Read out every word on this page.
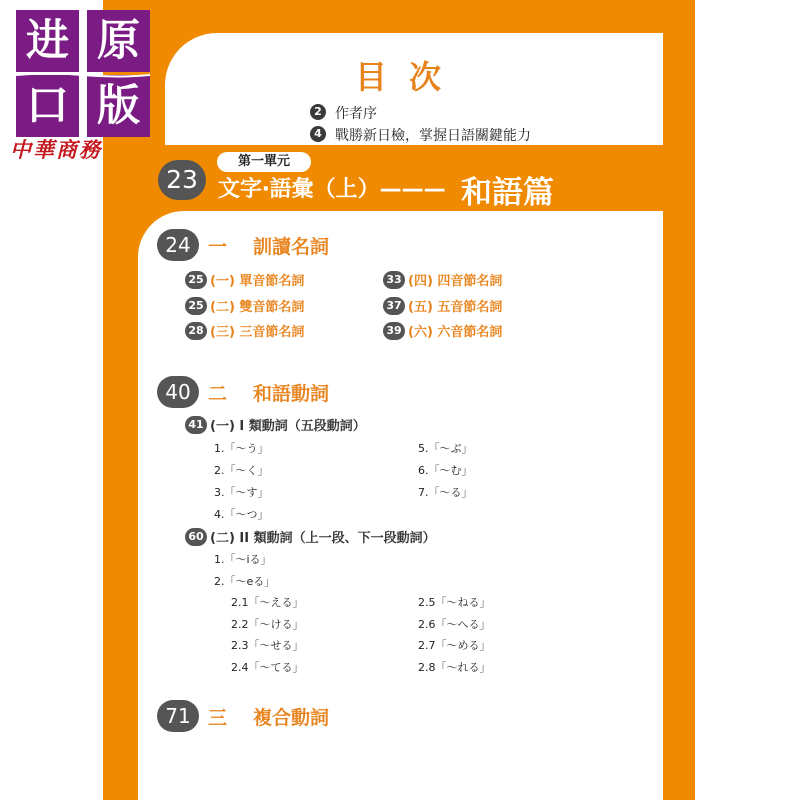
进 原
口 版
中華商務
目次
2 作者序
4 戰勝新日檢，掌握日語關鍵能力
23
第一單元
文字‧語彙（上）——— 和語篇
24 一 訓讀名詞
25 (一) 單音節名詞
25 (二) 雙音節名詞
28 (三) 三音節名詞
33 (四) 四音節名詞
37 (五) 五音節名詞
39 (六) 六音節名詞
40 二 和語動詞
41 (一) I 類動詞（五段動詞）
1.「～う」
2.「～く」
3.「～す」
4.「～つ」
5.「～ぶ」
6.「～む」
7.「～る」
60 (二) II 類動詞（上一段、下一段動詞）
1.「～iる」
2.「～eる」
2.1「～える」
2.2「～ける」
2.3「～せる」
2.4「～てる」
2.5「～ねる」
2.6「～へる」
2.7「～める」
2.8「～れる」
71 三 複合動詞
